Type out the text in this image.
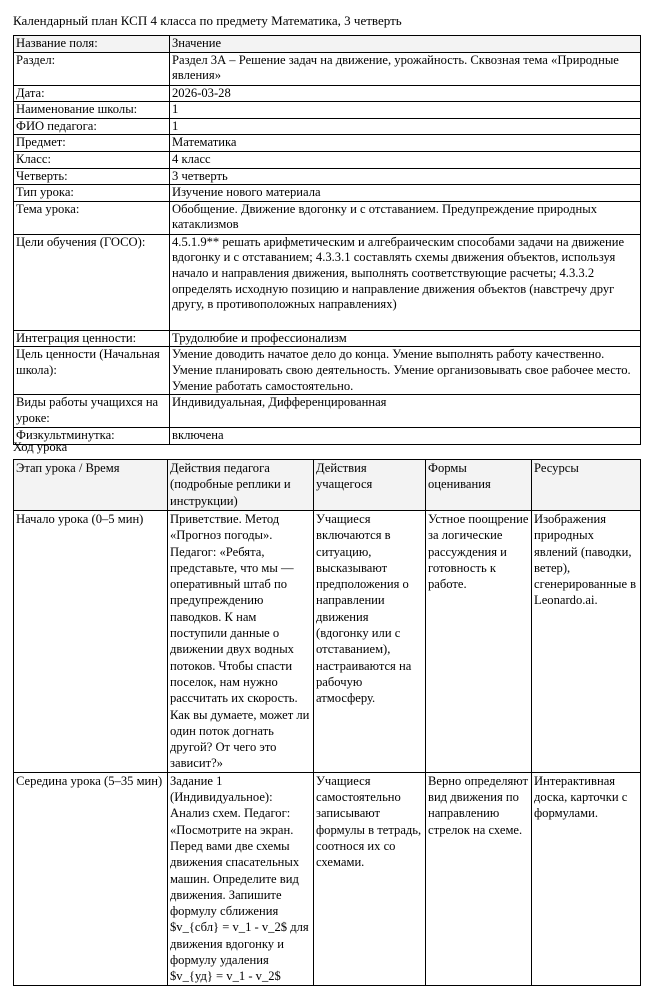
Календарный план КСП 4 класса по предмету Математика, 3 четверть
Название поля:	Значение
Раздел:	Раздел 3А – Решение задач на движение, урожайность. Сквозная тема «Природные явления»
Дата:	2026-03-28
Наименование школы:	1
ФИО педагога:	1
Предмет:	Математика
Класс:	4 класс
Четверть:	3 четверть
Тип урока:	Изучение нового материала
Тема урока:	Обобщение. Движение вдогонку и с отставанием. Предупреждение природных катаклизмов
Цели обучения (ГОСО):	4.5.1.9** решать арифметическим и алгебраическим способами задачи на движение вдогонку и с отставанием; 4.3.3.1 составлять схемы движения объектов, используя начало и направления движения, выполнять соответствующие расчеты; 4.3.3.2 определять исходную позицию и направление движения объектов (навстречу друг другу, в противоположных направлениях)
Интеграция ценности:	Трудолюбие и профессионализм
Цель ценности (Начальная школа):	Умение доводить начатое дело до конца. Умение выполнять работу качественно. Умение планировать свою деятельность. Умение организовывать свое рабочее место. Умение работать самостоятельно.
Виды работы учащихся на уроке:	Индивидуальная, Дифференцированная
Физкультминутка:	включена
Ход урока
Этап урока / Время	Действия педагога (подробные реплики и инструкции)	Действия учащегося	Формы оценивания	Ресурсы
Начало урока (0–5 мин)	Приветствие. Метод «Прогноз погоды». Педагог: «Ребята, представьте, что мы — оперативный штаб по предупреждению паводков. К нам поступили данные о движении двух водных потоков. Чтобы спасти поселок, нам нужно рассчитать их скорость. Как вы думаете, может ли один поток догнать другой? От чего это зависит?»	Учащиеся включаются в ситуацию, высказывают предположения о направлении движения (вдогонку или с отставанием), настраиваются на рабочую атмосферу.	Устное поощрение за логические рассуждения и готовность к работе.	Изображения природных явлений (паводки, ветер), сгенерированные в Leonardo.ai.
Середина урока (5–35 мин)	Задание 1 (Индивидуальное): Анализ схем. Педагог: «Посмотрите на экран. Перед вами две схемы движения спасательных машин. Определите вид движения. Запишите формулу сближения $v_{сбл} = v_1 - v_2$ для движения вдогонку и формулу удаления $v_{уд} = v_1 - v_2$	Учащиеся самостоятельно записывают формулы в тетрадь, соотнося их со схемами.	Верно определяют вид движения по направлению стрелок на схеме.	Интерактивная доска, карточки с формулами.
